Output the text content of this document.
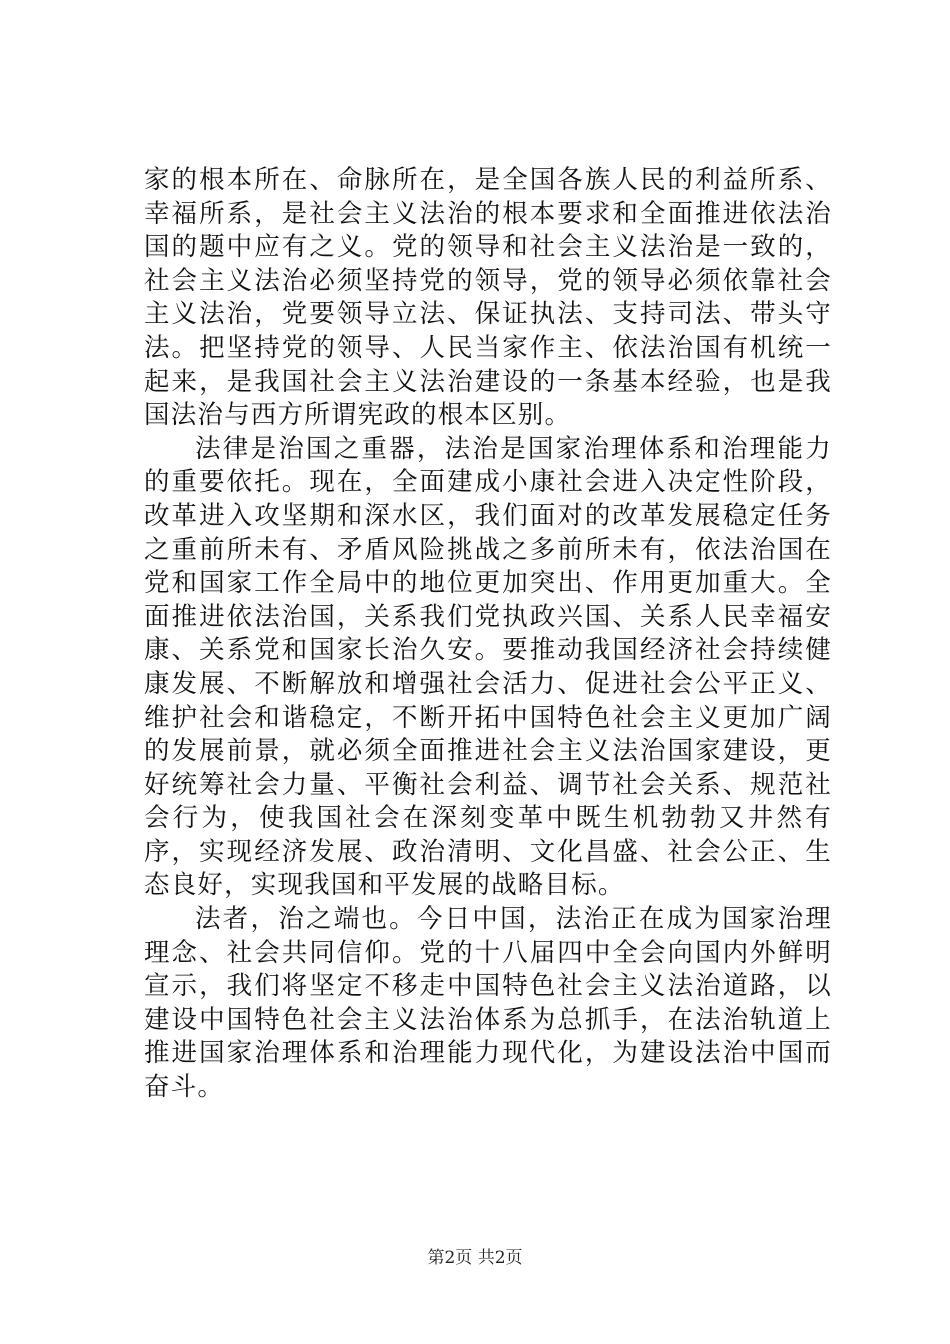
家的根本所在、命脉所在，是全国各族人民的利益所系、幸福所系，是社会主义法治的根本要求和全面推进依法治国的题中应有之义。党的领导和社会主义法治是一致的，社会主义法治必须坚持党的领导，党的领导必须依靠社会主义法治，党要领导立法、保证执法、支持司法、带头守法。把坚持党的领导、人民当家作主、依法治国有机统一起来，是我国社会主义法治建设的一条基本经验，也是我国法治与西方所谓宪政的根本区别。

法律是治国之重器，法治是国家治理体系和治理能力的重要依托。现在，全面建成小康社会进入决定性阶段，改革进入攻坚期和深水区，我们面对的改革发展稳定任务之重前所未有、矛盾风险挑战之多前所未有，依法治国在党和国家工作全局中的地位更加突出、作用更加重大。全面推进依法治国，关系我们党执政兴国、关系人民幸福安康、关系党和国家长治久安。要推动我国经济社会持续健康发展、不断解放和增强社会活力、促进社会公平正义、维护社会和谐稳定，不断开拓中国特色社会主义更加广阔的发展前景，就必须全面推进社会主义法治国家建设，更好统筹社会力量、平衡社会利益、调节社会关系、规范社会行为，使我国社会在深刻变革中既生机勃勃又井然有序，实现经济发展、政治清明、文化昌盛、社会公正、生态良好，实现我国和平发展的战略目标。

法者，治之端也。今日中国，法治正在成为国家治理理念、社会共同信仰。党的十八届四中全会向国内外鲜明宣示，我们将坚定不移走中国特色社会主义法治道路，以建设中国特色社会主义法治体系为总抓手，在法治轨道上推进国家治理体系和治理能力现代化，为建设法治中国而奋斗。

第2页 共2页
